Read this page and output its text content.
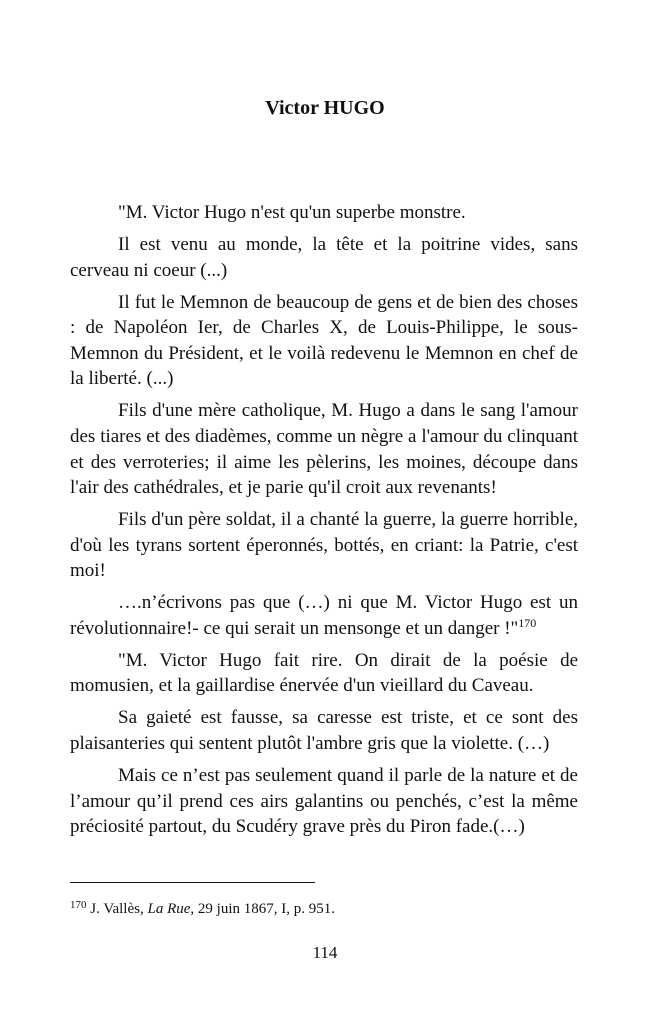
Victor HUGO

"M. Victor Hugo n'est qu'un superbe monstre.

Il est venu au monde, la tête et la poitrine vides, sans cerveau ni coeur (...)

Il fut le Memnon de beaucoup de gens et de bien des choses : de Napoléon Ier, de Charles X, de Louis-Philippe, le sous-Memnon du Président, et le voilà redevenu le Memnon en chef de la liberté. (...)

Fils d'une mère catholique, M. Hugo a dans le sang l'amour des tiares et des diadèmes, comme un nègre a l'amour du clinquant et des verroteries; il aime les pèlerins, les moines, découpe dans l'air des cathédrales, et je parie qu'il croit aux revenants!

Fils d'un père soldat, il a chanté la guerre, la guerre horrible, d'où les tyrans sortent éperonnés, bottés, en criant: la Patrie, c'est moi!

….n’écrivons pas que (…) ni que M. Victor Hugo est un révolutionnaire!- ce qui serait un mensonge et un danger !"$^{170}$

"M. Victor Hugo fait rire. On dirait de la poésie de momusien, et la gaillardise énervée d'un vieillard du Caveau.

Sa gaieté est fausse, sa caresse est triste, et ce sont des plaisanteries qui sentent plutôt l'ambre gris que la violette. (…)

Mais ce n’est pas seulement quand il parle de la nature et de l’amour qu’il prend ces airs galantins ou penchés, c’est la même préciosité partout, du Scudéry grave près du Piron fade.(…)

$^{170}$ J. Vallès, La Rue, 29 juin 1867, I, p. 951.
114
